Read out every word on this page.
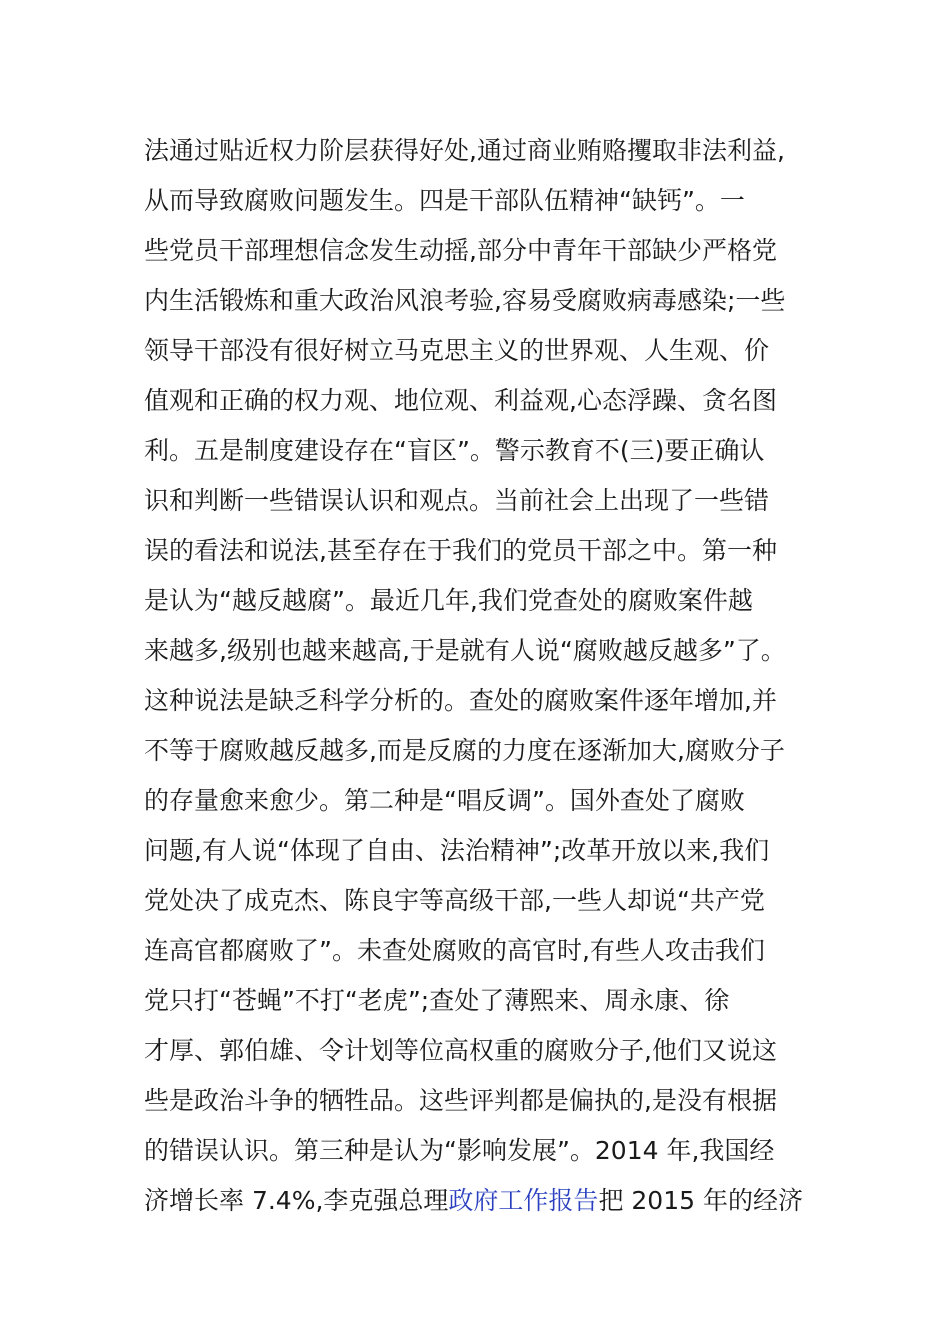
法通过贴近权力阶层获得好处,通过商业贿赂攫取非法利益,
从而导致腐败问题发生。四是干部队伍精神“缺钙”。一
些党员干部理想信念发生动摇,部分中青年干部缺少严格党
内生活锻炼和重大政治风浪考验,容易受腐败病毒感染;一些
领导干部没有很好树立马克思主义的世界观、人生观、价
值观和正确的权力观、地位观、利益观,心态浮躁、贪名图
利。五是制度建设存在“盲区”。警示教育不(三)要正确认
识和判断一些错误认识和观点。当前社会上出现了一些错
误的看法和说法,甚至存在于我们的党员干部之中。第一种
是认为“越反越腐”。最近几年,我们党查处的腐败案件越
来越多,级别也越来越高,于是就有人说“腐败越反越多”了。
这种说法是缺乏科学分析的。查处的腐败案件逐年增加,并
不等于腐败越反越多,而是反腐的力度在逐渐加大,腐败分子
的存量愈来愈少。第二种是“唱反调”。国外查处了腐败
问题,有人说“体现了自由、法治精神”;改革开放以来,我们
党处决了成克杰、陈良宇等高级干部,一些人却说“共产党
连高官都腐败了”。未查处腐败的高官时,有些人攻击我们
党只打“苍蝇”不打“老虎”;查处了薄熙来、周永康、徐
才厚、郭伯雄、令计划等位高权重的腐败分子,他们又说这
些是政治斗争的牺牲品。这些评判都是偏执的,是没有根据
的错误认识。第三种是认为“影响发展”。2014 年,我国经
济增长率 7.4%,李克强总理政府工作报告把 2015 年的经济
